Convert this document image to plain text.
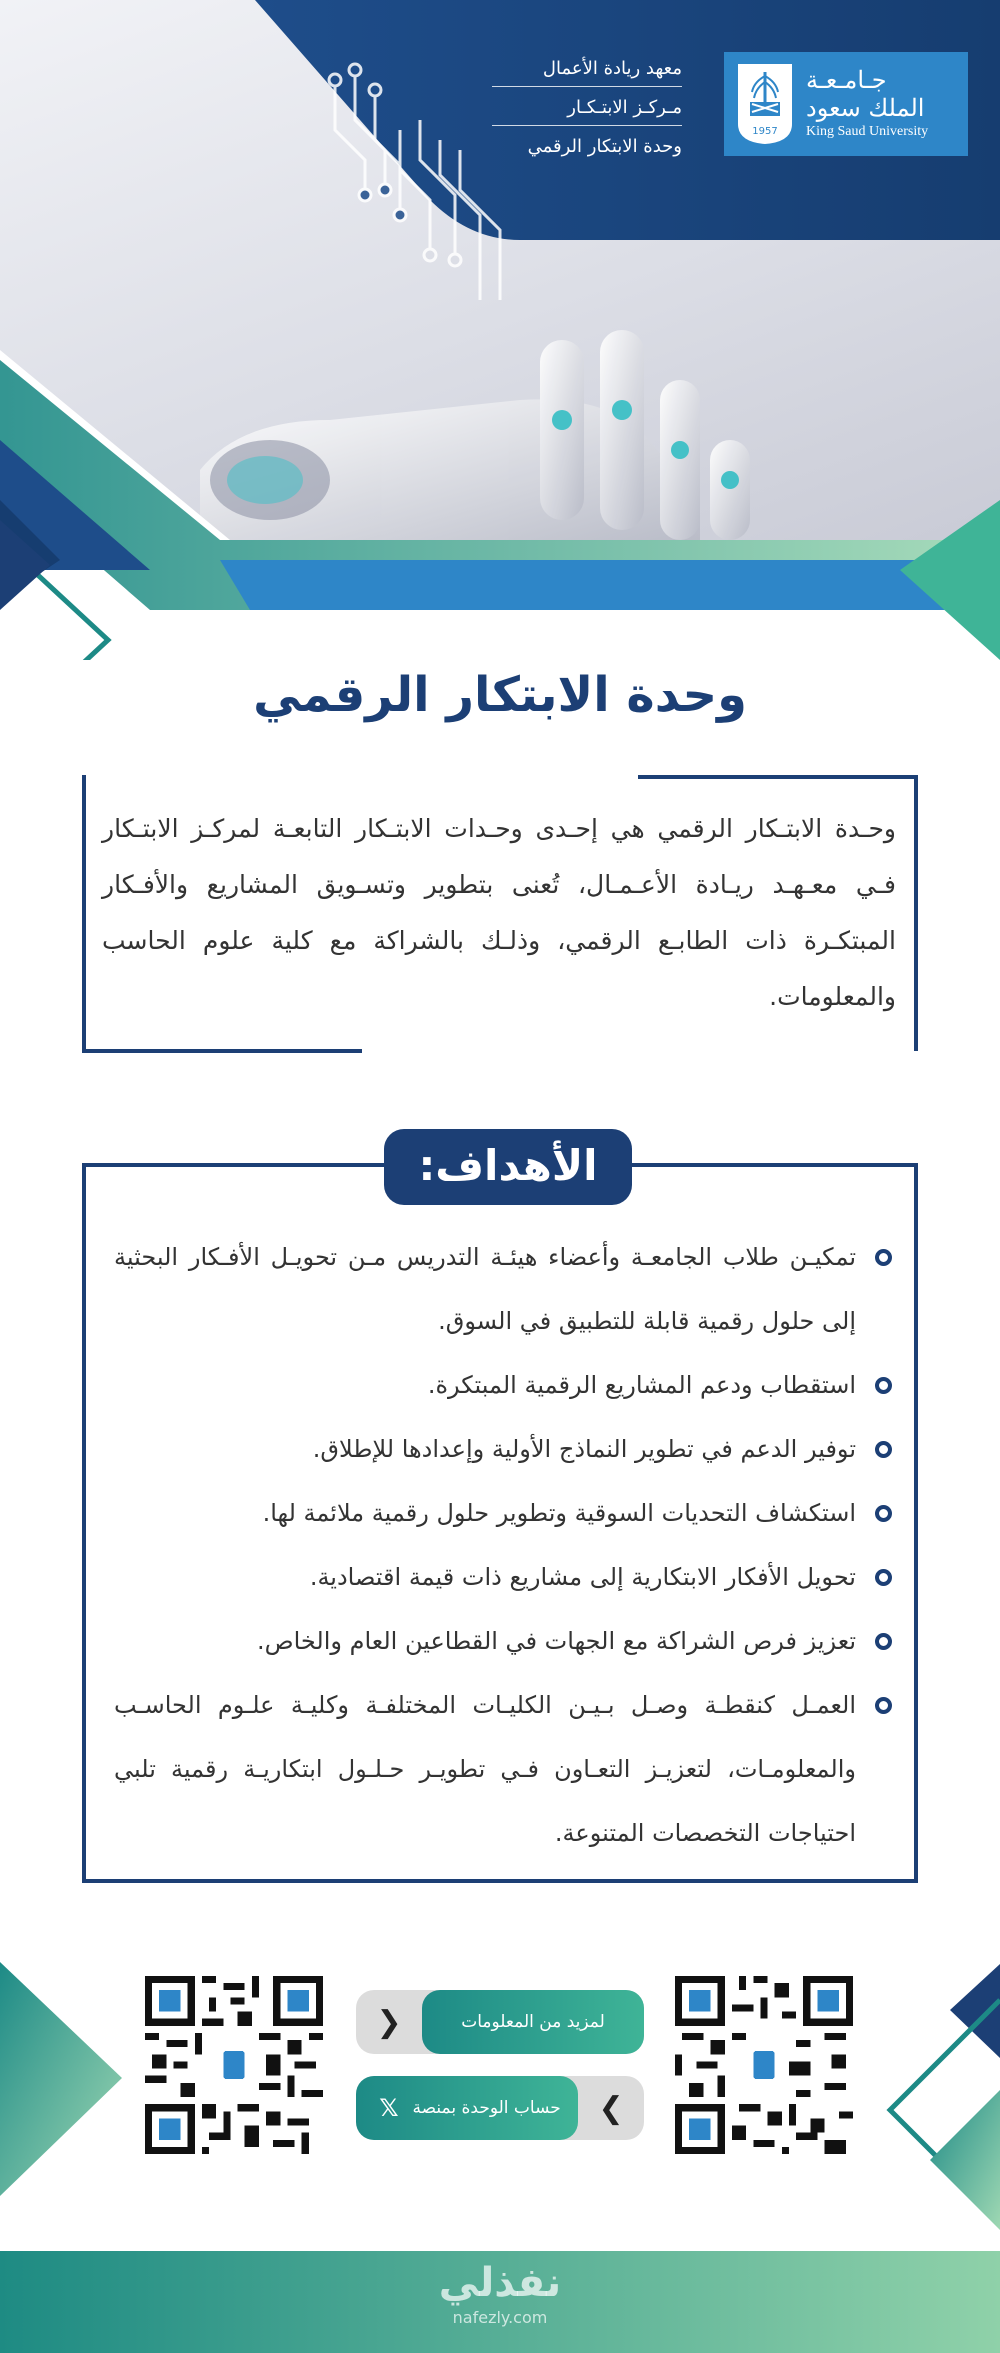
جـامـعـة
الملك سعود
King Saud University
1957
معهد ريادة الأعمال
مـركـز الابتـكـار
وحدة الابتكار الرقمي
وحدة الابتكار الرقمي

وحـدة الابتـكار الرقمي هي إحـدى وحـدات الابتـكار التابعـة لمركـز الابتـكار فـي معـهـد ريـادة الأعـمـال، تُعنى بتطوير وتسـويق المشاريع والأفـكار المبتكـرة ذات الطابـع الرقمي، وذلـك بالشراكة مع كلية علوم الحاسب والمعلومات.

الأهداف:
تمكيـن طلاب الجامعـة وأعضاء هيئـة التدريس مـن تحويـل الأفـكار البحثية إلى حلول رقمية قابلة للتطبيق في السوق.
استقطاب ودعم المشاريع الرقمية المبتكرة.
توفير الدعم في تطوير النماذج الأولية وإعدادها للإطلاق.
استكشاف التحديات السوقية وتطوير حلول رقمية ملائمة لها.
تحويل الأفكار الابتكارية إلى مشاريع ذات قيمة اقتصادية.
تعزيز فرص الشراكة مع الجهات في القطاعين العام والخاص.
العمـل كنقطـة وصـل بـيـن الكليـات المختلفـة وكليـة علـوم الحاسـب والمعلومـات، لتعزيـز التعـاون فـي تطويـر حـلـول ابتكاريـة رقمية تلبي احتياجات التخصصات المتنوعة.
❮	لمزيد من المعلومات
حساب الوحدة بمنصة
𝕏	❯
نفذلي
nafezly.com
